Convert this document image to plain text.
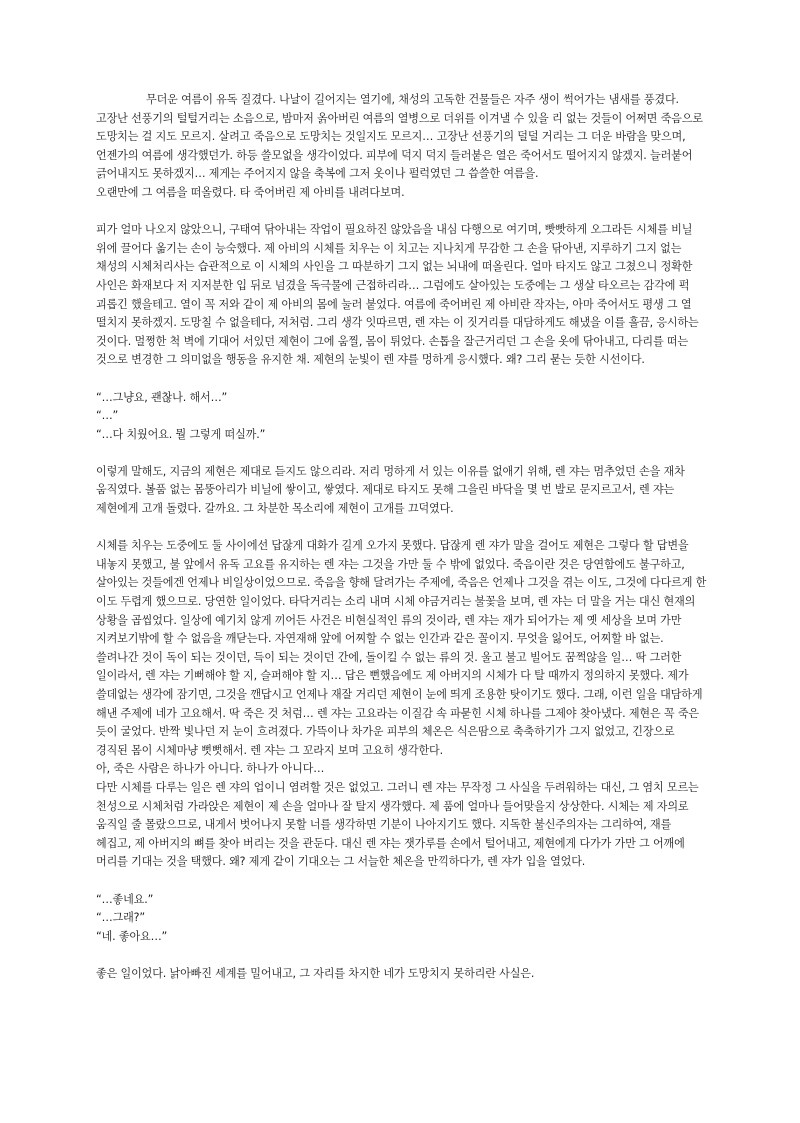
무더운 여름이 유독 질겼다. 나날이 길어지는 열기에, 채성의 고독한 건물들은 자주 생이 썩어가는 냄새를 풍겼다. 고장난 선풍기의 털털거리는 소음으로, 밤마저 옭아버린 여름의 열병으로 더위를 이겨낼 수 있을 리 없는 것들이 어쩌면 죽음으로 도망치는 걸 지도 모르지. 살려고 죽음으로 도망치는 것일지도 모르지… 고장난 선풍기의 덜덜 거리는 그 더운 바람을 맞으며, 언젠가의 여름에 생각했던가. 하등 쓸모없을 생각이었다. 피부에 덕지 덕지 들러붙은 열은 죽어서도 떨어지지 않겠지. 늘러붙어 긁어내지도 못하겠지… 제게는 주어지지 않을 축복에 그저 옷이나 펄럭였던 그 씁쓸한 여름을.

오랜만에 그 여름을 떠올렸다. 타 죽어버린 제 아비를 내려다보며.

피가 얼마 나오지 않았으니, 구태여 닦아내는 작업이 필요하진 않았음을 내심 다행으로 여기며, 빳빳하게 오그라든 시체를 비닐 위에 끌어다 옮기는 손이 능숙했다. 제 아비의 시체를 치우는 이 치고는 지나치게 무감한 그 손을 닦아낸, 지루하기 그지 없는 채성의 시체처리사는 습관적으로 이 시체의 사인을 그 따분하기 그지 없는 뇌내에 떠올린다. 얼마 타지도 않고 그쳤으니 정확한 사인은 화재보다 저 지저분한 입 뒤로 넘겼을 독극물에 근접하리라… 그럼에도 살아있는 도중에는 그 생살 타오르는 감각에 퍽 괴롭긴 했을테고. 열이 꼭 저와 같이 제 아비의 몸에 눌러 붙었다. 여름에 죽어버린 제 아비란 작자는, 아마 죽어서도 평생 그 열 떨치지 못하겠지. 도망칠 수 없을테다, 저처럼. 그리 생각 잇따르면, 렌 쟈는 이 짓거리를 대담하게도 해냈을 이를 흘끔, 응시하는 것이다. 멀쩡한 척 벽에 기대어 서있던 제현이 그에 움찔, 몸이 튀었다. 손톱을 잘근거리던 그 손을 옷에 닦아내고, 다리를 떠는 것으로 변경한 그 의미없을 행동을 유지한 채. 제현의 눈빛이 렌 쟈를 멍하게 응시했다. 왜? 그리 묻는 듯한 시선이다.

“…그냥요, 괜찮나. 해서…”

“…”

“…다 치웠어요. 뭘 그렇게 떠실까.”

이렇게 말해도, 지금의 제현은 제대로 듣지도 않으리라. 저리 멍하게 서 있는 이유를 없애기 위해, 렌 쟈는 멈추었던 손을 재차 움직였다. 볼품 없는 몸뚱아리가 비닐에 쌓이고, 쌓였다. 제대로 타지도 못해 그을린 바닥을 몇 번 발로 문지르고서, 렌 쟈는 제현에게 고개 돌렸다. 갈까요. 그 차분한 목소리에 제현이 고개를 끄덕였다.

시체를 치우는 도중에도 둘 사이에선 답잖게 대화가 길게 오가지 못했다. 답잖게 렌 쟈가 말을 걸어도 제현은 그렇다 할 답변을 내놓지 못했고, 불 앞에서 유독 고요를 유지하는 렌 쟈는 그것을 가만 둘 수 밖에 없었다. 죽음이란 것은 당연함에도 불구하고, 살아있는 것들에겐 언제나 비일상이었으므로. 죽음을 향해 달려가는 주제에, 죽음은 언제나 그것을 겪는 이도, 그것에 다다르게 한 이도 두렵게 했으므로. 당연한 일이었다. 타닥거리는 소리 내며 시체 야금거리는 불꽃을 보며, 렌 쟈는 더 말을 거는 대신 현재의 상황을 곱씹었다. 일상에 예기치 않게 끼어든 사건은 비현실적인 류의 것이라, 렌 쟈는 재가 되어가는 제 옛 세상을 보며 가만 지켜보기밖에 할 수 없음을 깨닫는다. 자연재해 앞에 어찌할 수 없는 인간과 같은 꼴이지. 무엇을 잃어도, 어찌할 바 없는. 쓸려나간 것이 독이 되는 것이던, 득이 되는 것이던 간에, 돌이킬 수 없는 류의 것. 울고 불고 빌어도 꿈쩍않을 일… 딱 그러한 일이라서, 렌 쟈는 기뻐해야 할 지, 슬퍼해야 할 지… 답은 뻔했음에도 제 아버지의 시체가 다 탈 때까지 정의하지 못했다. 제가 쓸데없는 생각에 잠기면, 그것을 깬답시고 언제나 재잘 거리던 제현이 눈에 띄게 조용한 탓이기도 했다. 그래, 이런 일을 대담하게 해낸 주제에 네가 고요해서. 딱 죽은 것 처럼… 렌 쟈는 고요라는 이질감 속 파묻힌 시체 하나를 그제야 찾아냈다. 제현은 꼭 죽은 듯이 굴었다. 반짝 빛나던 저 눈이 흐려졌다. 가뜩이나 차가운 피부의 체온은 식은땀으로 축축하기가 그지 없었고, 긴장으로 경직된 몸이 시체마냥 뻣뻣해서. 렌 쟈는 그 꼬라지 보며 고요히 생각한다.

아, 죽은 사람은 하나가 아니다. 하나가 아니다…

다만 시체를 다루는 일은 렌 쟈의 업이니 염려할 것은 없었고. 그러니 렌 쟈는 무작정 그 사실을 두려워하는 대신, 그 염치 모르는 천성으로 시체처럼 가라앉은 제현이 제 손을 얼마나 잘 탈지 생각했다. 제 품에 얼마나 들어맞을지 상상한다. 시체는 제 자의로 움직일 줄 몰랐으므로, 내게서 벗어나지 못할 너를 생각하면 기분이 나아지기도 했다. 지독한 불신주의자는 그리하여, 재를 헤집고, 제 아버지의 뼈를 찾아 버리는 것을 관둔다. 대신 렌 쟈는 잿가루를 손에서 털어내고, 제현에게 다가가 가만 그 어깨에 머리를 기대는 것을 택했다. 왜? 제게 같이 기대오는 그 서늘한 체온을 만끽하다가, 렌 쟈가 입을 열었다.

“…좋네요.”

“…그래?”

“네. 좋아요…”

좋은 일이었다. 낡아빠진 세계를 밀어내고, 그 자리를 차지한 네가 도망치지 못하리란 사실은.
